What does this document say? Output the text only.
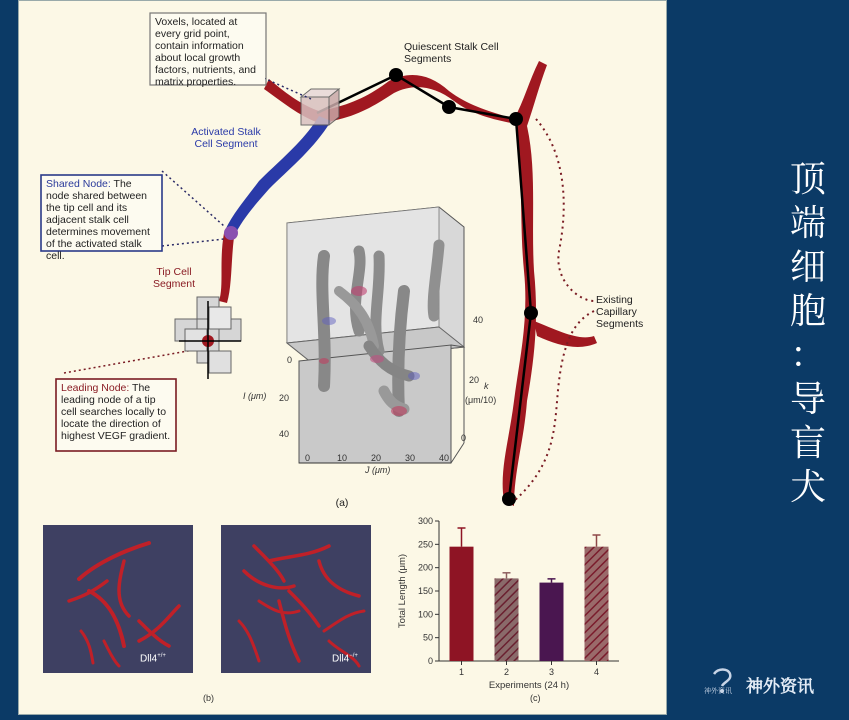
Voxels, located at every grid point, contain information about local growth factors, nutrients, and matrix properties.
Shared Node: The node shared between the tip cell and its adjacent stalk cell determines movement of the activated stalk cell.
Leading Node: The leading node of a tip cell searches locally to locate the direction of highest VEGF gradient.
Quiescent Stalk Cell Segments
Activated Stalk Cell Segment
Tip Cell Segment
Existing Capillary Segments
(a)
0
20
40
I (μm)
0	10	20	30	40
J (μm)
0
20
40
k
(μm/10)
Dll4+/+	Dll4−/+
(b)
0
50
100
150
200
250
300
1	2	3	4
Experiments (24 h)
Total Length (μm)
(c)
顶
端
细
胞
：
导
盲
犬
神外资讯 神外资讯
